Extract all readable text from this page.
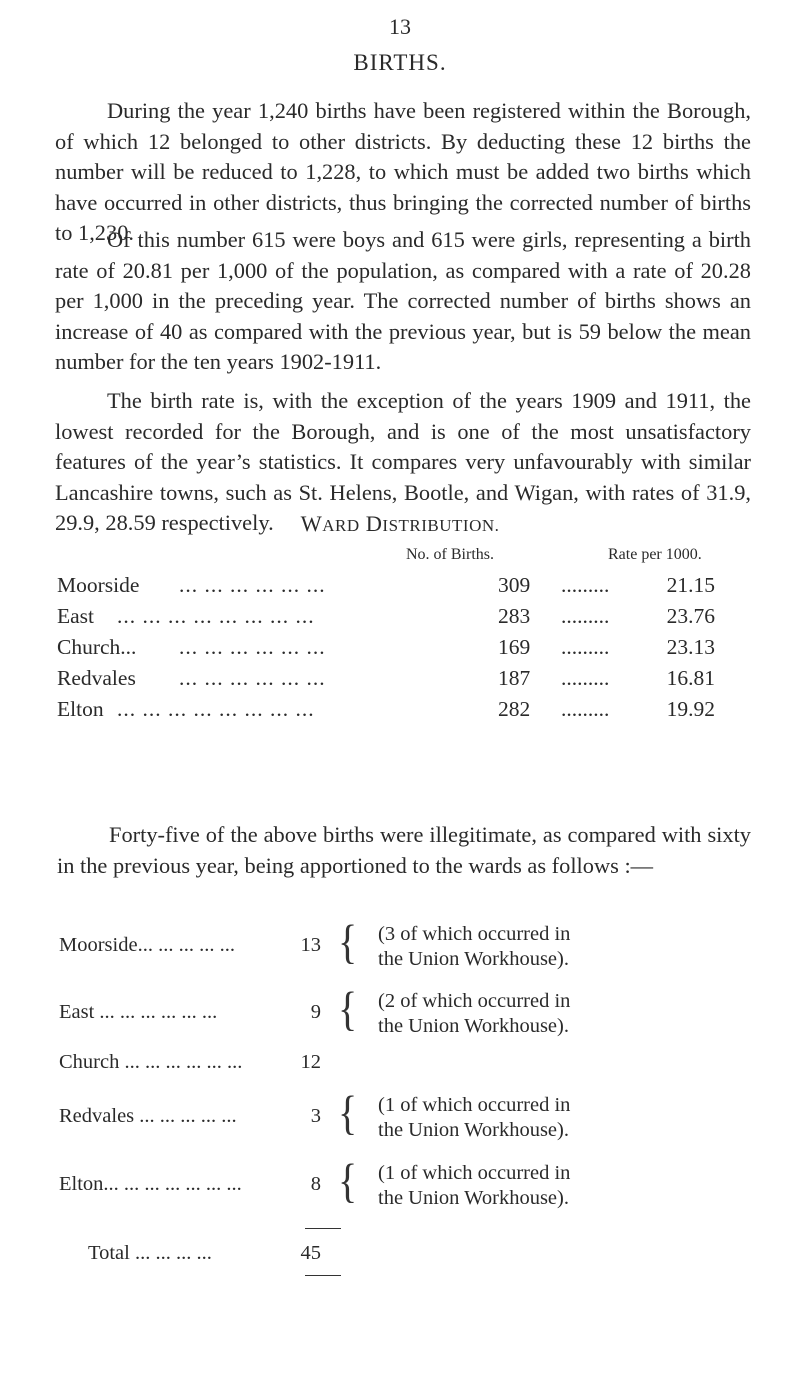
13
BIRTHS.

During the year 1,240 births have been registered within the Borough, of which 12 belonged to other districts. By deducting these 12 births the number will be reduced to 1,228, to which must be added two births which have occurred in other districts, thus bringing the corrected number of births to 1,230.

Of this number 615 were boys and 615 were girls, representing a birth rate of 20.81 per 1,000 of the population, as compared with a rate of 20.28 per 1,000 in the preceding year. The corrected number of births shows an increase of 40 as compared with the previous year, but is 59 below the mean number for the ten years 1902-1911.

The birth rate is, with the exception of the years 1909 and 1911, the lowest recorded for the Borough, and is one of the most unsatisfactory features of the year’s statistics. It compares very unfavourably with similar Lancashire towns, such as St. Helens, Bootle, and Wigan, with rates of 31.9, 29.9, 28.59 respectively.	WARD DISTRIBUTION.
No. of Births.	Rate per 1000.
Moorside ... ... ... ... ... ...	309	.........	21.15
East ... ... ... ... ... ... ... ...	283	.........	23.76
Church... ... ... ... ... ... ...	169	.........	23.13
Redvales ... ... ... ... ... ...	187	.........	16.81
Elton ... ... ... ... ... ... ... ...	282	.........	19.92

Forty-five of the above births were illegitimate, as compared with sixty in the previous year, being apportioned to the wards as follows :—

Moorside... ... ... ... ...	13 { (3 of which occurred in
the Union Workhouse).
East ... ... ... ... ... ...	9 { (2 of which occurred in
the Union Workhouse).
Church ... ... ... ... ... ...	12
Redvales ... ... ... ... ...	3 { (1 of which occurred in
the Union Workhouse).
Elton... ... ... ... ... ... ...	8 { (1 of which occurred in
the Union Workhouse).
Total ... ... ... ...	45
